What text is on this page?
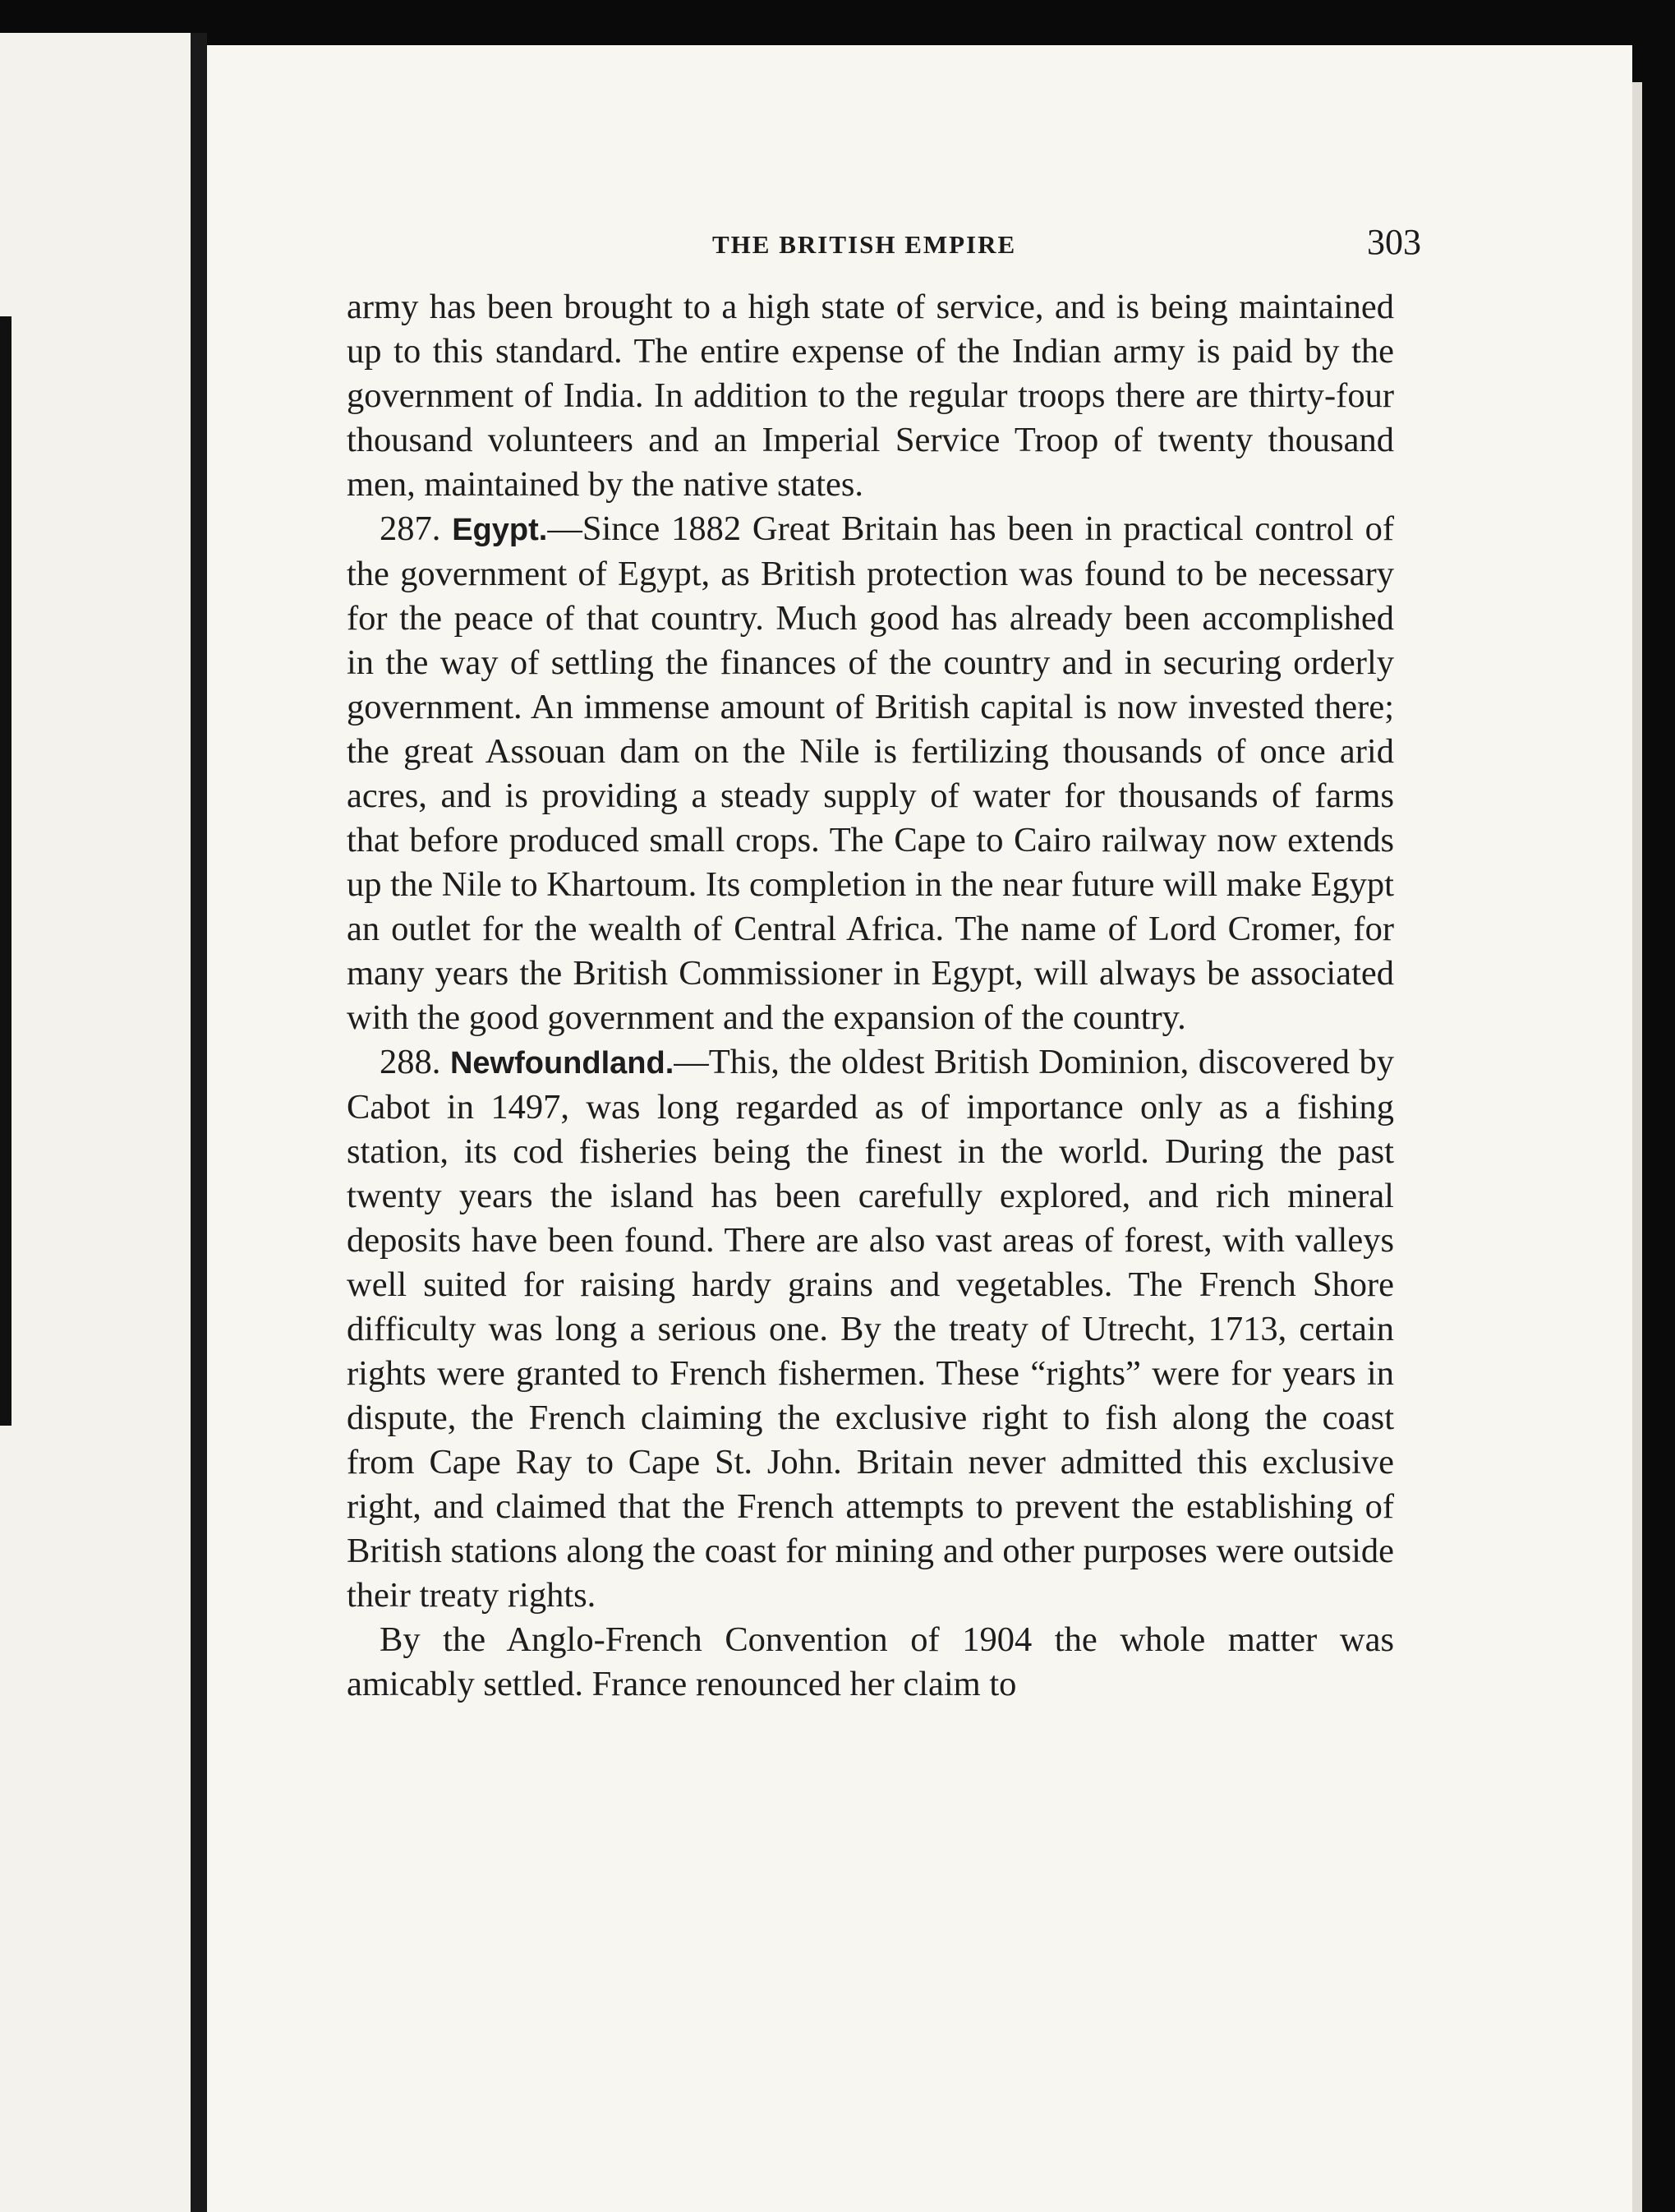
THE BRITISH EMPIRE	303

army has been brought to a high state of service, and is being maintained up to this standard. The entire expense of the Indian army is paid by the government of India. In addition to the regular troops there are thirty-four thousand volunteers and an Imperial Service Troop of twenty thousand men, maintained by the native states.

287. Egypt.—Since 1882 Great Britain has been in practical control of the government of Egypt, as British protection was found to be necessary for the peace of that country. Much good has already been accomplished in the way of settling the finances of the country and in securing orderly government. An immense amount of British capital is now invested there; the great Assouan dam on the Nile is fertilizing thousands of once arid acres, and is providing a steady supply of water for thousands of farms that before produced small crops. The Cape to Cairo railway now extends up the Nile to Khartoum. Its completion in the near future will make Egypt an outlet for the wealth of Central Africa. The name of Lord Cromer, for many years the British Commissioner in Egypt, will always be associated with the good government and the expansion of the country.

288. Newfoundland.—This, the oldest British Dominion, discovered by Cabot in 1497, was long regarded as of importance only as a fishing station, its cod fisheries being the finest in the world. During the past twenty years the island has been carefully explored, and rich mineral deposits have been found. There are also vast areas of forest, with valleys well suited for raising hardy grains and vegetables. The French Shore difficulty was long a serious one. By the treaty of Utrecht, 1713, certain rights were granted to French fishermen. These “rights” were for years in dispute, the French claiming the exclusive right to fish along the coast from Cape Ray to Cape St. John. Britain never admitted this exclusive right, and claimed that the French attempts to prevent the establishing of British stations along the coast for mining and other purposes were outside their treaty rights.

By the Anglo-French Convention of 1904 the whole matter was amicably settled. France renounced her claim to
